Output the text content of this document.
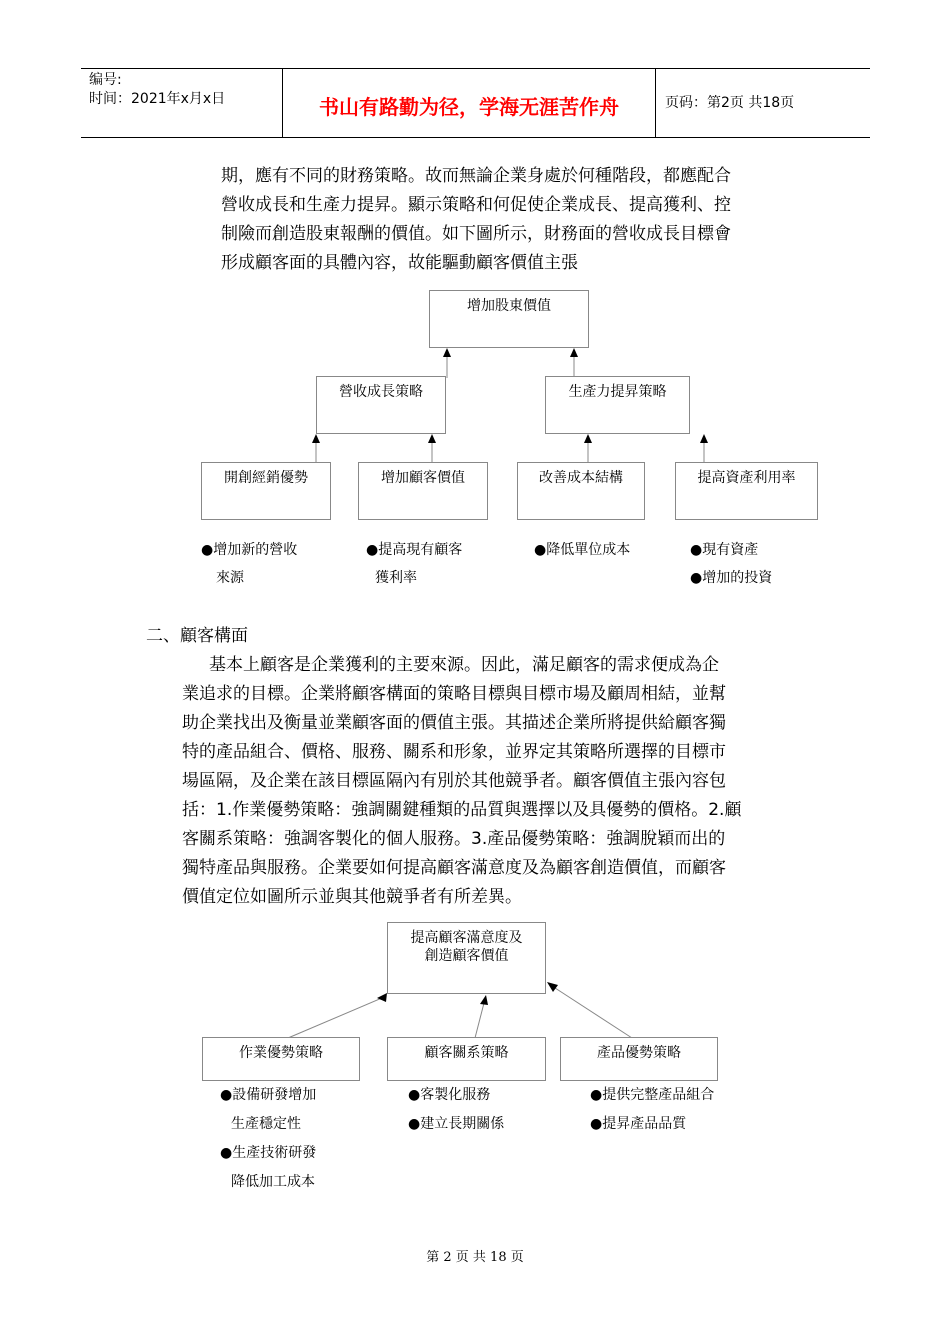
编号:
时间：2021年x月x日	书山有路勤为径，学海无涯苦作舟	页码：第2页 共18页
期，應有不同的財務策略。故而無論企業身處於何種階段，都應配合
營收成長和生產力提昇。顯示策略和何促使企業成長、提高獲利、控
制險而創造股東報酬的價值。如下圖所示，財務面的營收成長目標會
形成顧客面的具體內容，故能驅動顧客價值主張
增加股東價值
營收成長策略	生產力提昇策略
開創經銷優勢	增加顧客價值	改善成本結構	提高資產利用率
●增加新的營收
來源
●提高現有顧客
獲利率
●降低單位成本	●現有資產
●增加的投資
二、顧客構面
基本上顧客是企業獲利的主要來源。因此，滿足顧客的需求便成為企
業追求的目標。企業將顧客構面的策略目標與目標市場及顧周相結，並幫
助企業找出及衡量並業顧客面的價值主張。其描述企業所將提供給顧客獨
特的產品組合、價格、服務、關系和形象，並界定其策略所選擇的目標市
場區隔，及企業在該目標區隔內有別於其他競爭者。顧客價值主張內容包
括：1.作業優勢策略：強調關鍵種類的品質與選擇以及具優勢的價格。2.顧
客關系策略：強調客製化的個人服務。3.產品優勢策略：強調脫穎而出的
獨特產品與服務。企業要如何提高顧客滿意度及為顧客創造價值，而顧客
價值定位如圖所示並與其他競爭者有所差異。
提高顧客滿意度及
創造顧客價值
作業優勢策略	顧客關系策略	產品優勢策略
●設備研發增加
生產穩定性
●生產技術研發
降低加工成本
●客製化服務
●建立長期關係
●提供完整產品組合
●提昇產品品質
第 2 页 共 18 页
